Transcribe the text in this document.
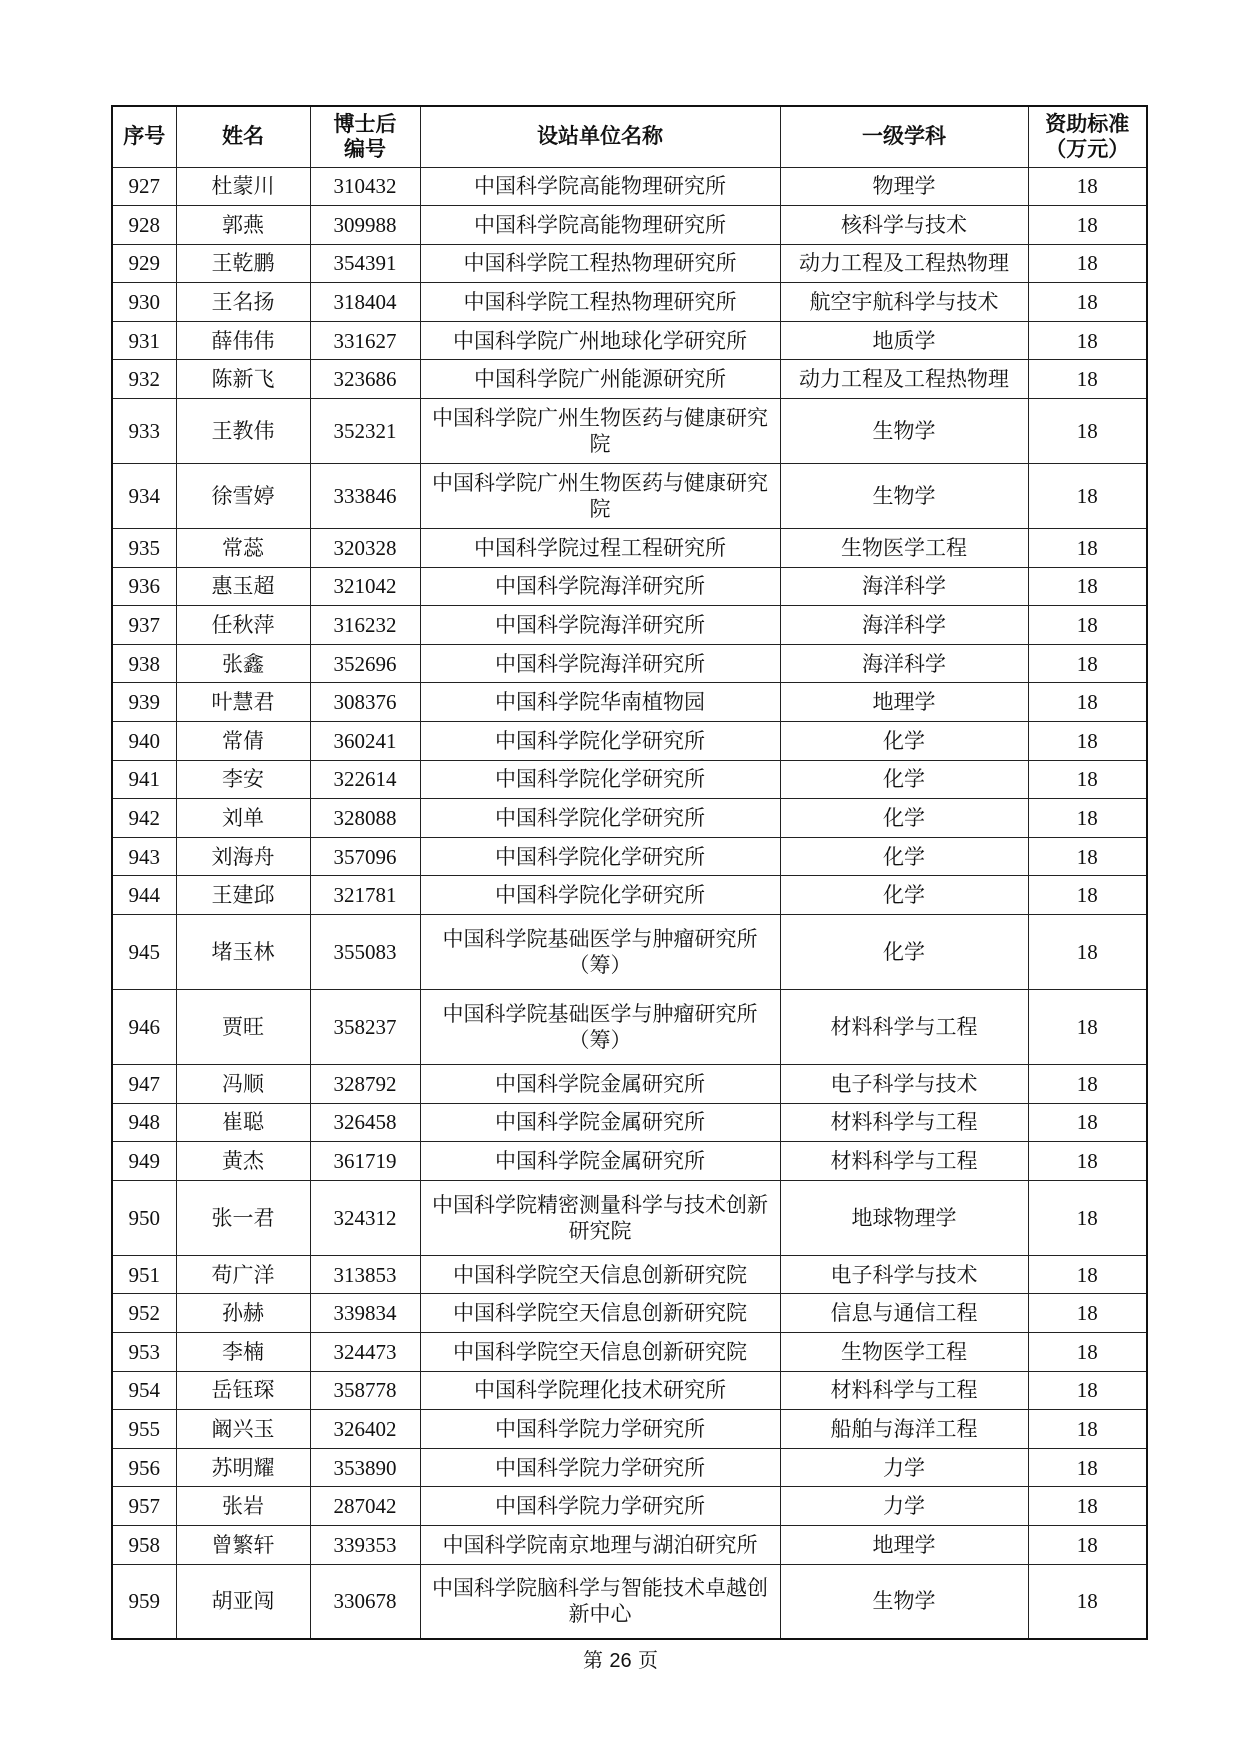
序号	姓名	博士后编号	设站单位名称	一级学科	资助标准（万元）
927	杜蒙川	310432	中国科学院高能物理研究所	物理学	18
928	郭燕	309988	中国科学院高能物理研究所	核科学与技术	18
929	王乾鹏	354391	中国科学院工程热物理研究所	动力工程及工程热物理	18
930	王名扬	318404	中国科学院工程热物理研究所	航空宇航科学与技术	18
931	薛伟伟	331627	中国科学院广州地球化学研究所	地质学	18
932	陈新飞	323686	中国科学院广州能源研究所	动力工程及工程热物理	18
933	王教伟	352321	中国科学院广州生物医药与健康研究院	生物学	18
934	徐雪婷	333846	中国科学院广州生物医药与健康研究院	生物学	18
935	常蕊	320328	中国科学院过程工程研究所	生物医学工程	18
936	惠玉超	321042	中国科学院海洋研究所	海洋科学	18
937	任秋萍	316232	中国科学院海洋研究所	海洋科学	18
938	张鑫	352696	中国科学院海洋研究所	海洋科学	18
939	叶慧君	308376	中国科学院华南植物园	地理学	18
940	常倩	360241	中国科学院化学研究所	化学	18
941	李安	322614	中国科学院化学研究所	化学	18
942	刘单	328088	中国科学院化学研究所	化学	18
943	刘海舟	357096	中国科学院化学研究所	化学	18
944	王建邱	321781	中国科学院化学研究所	化学	18
945	堵玉林	355083	中国科学院基础医学与肿瘤研究所（筹）	化学	18
946	贾旺	358237	中国科学院基础医学与肿瘤研究所（筹）	材料科学与工程	18
947	冯顺	328792	中国科学院金属研究所	电子科学与技术	18
948	崔聪	326458	中国科学院金属研究所	材料科学与工程	18
949	黄杰	361719	中国科学院金属研究所	材料科学与工程	18
950	张一君	324312	中国科学院精密测量科学与技术创新研究院	地球物理学	18
951	苟广洋	313853	中国科学院空天信息创新研究院	电子科学与技术	18
952	孙赫	339834	中国科学院空天信息创新研究院	信息与通信工程	18
953	李楠	324473	中国科学院空天信息创新研究院	生物医学工程	18
954	岳钰琛	358778	中国科学院理化技术研究所	材料科学与工程	18
955	阚兴玉	326402	中国科学院力学研究所	船舶与海洋工程	18
956	苏明耀	353890	中国科学院力学研究所	力学	18
957	张岩	287042	中国科学院力学研究所	力学	18
958	曾繁轩	339353	中国科学院南京地理与湖泊研究所	地理学	18
959	胡亚闯	330678	中国科学院脑科学与智能技术卓越创新中心	生物学	18
第 26 页
